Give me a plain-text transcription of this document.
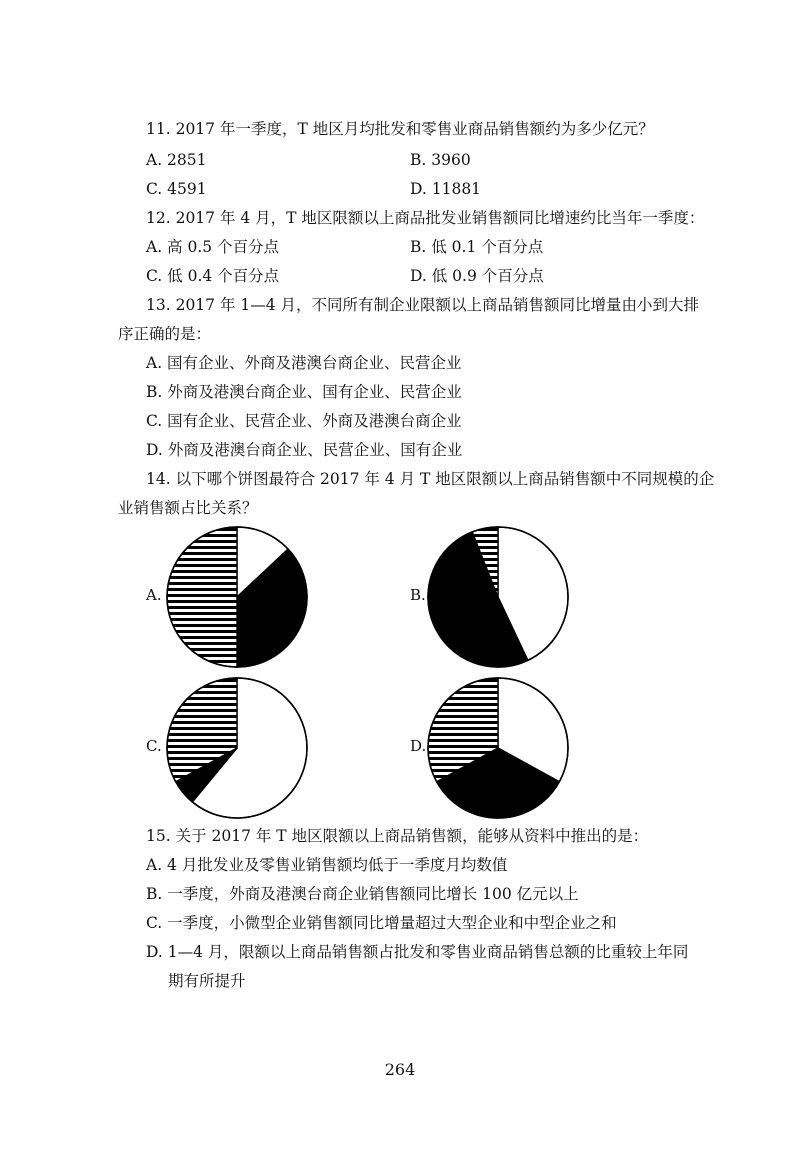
11. 2017 年一季度，T 地区月均批发和零售业商品销售额约为多少亿元？
A. 2851	B. 3960
C. 4591	D. 11881
12. 2017 年 4 月，T 地区限额以上商品批发业销售额同比增速约比当年一季度：
A. 高 0.5 个百分点	B. 低 0.1 个百分点
C. 低 0.4 个百分点	D. 低 0.9 个百分点
13. 2017 年 1—4 月，不同所有制企业限额以上商品销售额同比增量由小到大排
序正确的是：
A. 国有企业、外商及港澳台商企业、民营企业
B. 外商及港澳台商企业、国有企业、民营企业
C. 国有企业、民营企业、外商及港澳台商企业
D. 外商及港澳台商企业、民营企业、国有企业
14. 以下哪个饼图最符合 2017 年 4 月 T 地区限额以上商品销售额中不同规模的企
业销售额占比关系？
A.	B.
C.	D.
15. 关于 2017 年 T 地区限额以上商品销售额，能够从资料中推出的是：
A. 4 月批发业及零售业销售额均低于一季度月均数值
B. 一季度，外商及港澳台商企业销售额同比增长 100 亿元以上
C. 一季度，小微型企业销售额同比增量超过大型企业和中型企业之和
D. 1—4 月，限额以上商品销售额占批发和零售业商品销售总额的比重较上年同
期有所提升
264
